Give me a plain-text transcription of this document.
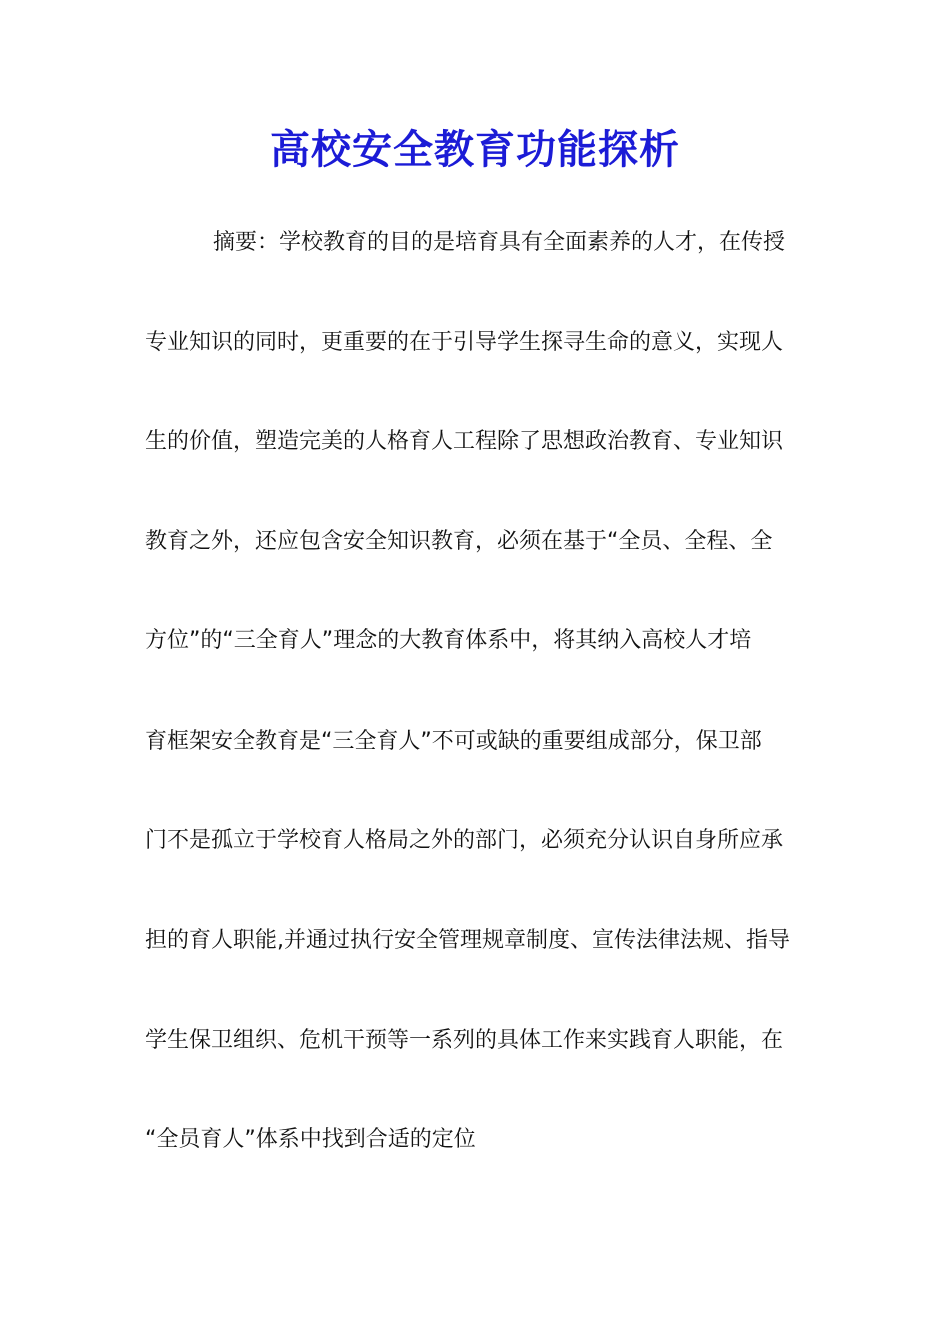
高校安全教育功能探析

摘要：学校教育的目的是培育具有全面素养的人才，在传授

专业知识的同时，更重要的在于引导学生探寻生命的意义，实现人

生的价值，塑造完美的人格育人工程除了思想政治教育、专业知识

教育之外，还应包含安全知识教育，必须在基于“全员、全程、全

方位”的“三全育人”理念的大教育体系中，将其纳入高校人才培

育框架安全教育是“三全育人”不可或缺的重要组成部分，保卫部

门不是孤立于学校育人格局之外的部门，必须充分认识自身所应承

担的育人职能,并通过执行安全管理规章制度、宣传法律法规、指导

学生保卫组织、危机干预等一系列的具体工作来实践育人职能，在

“全员育人”体系中找到合适的定位
